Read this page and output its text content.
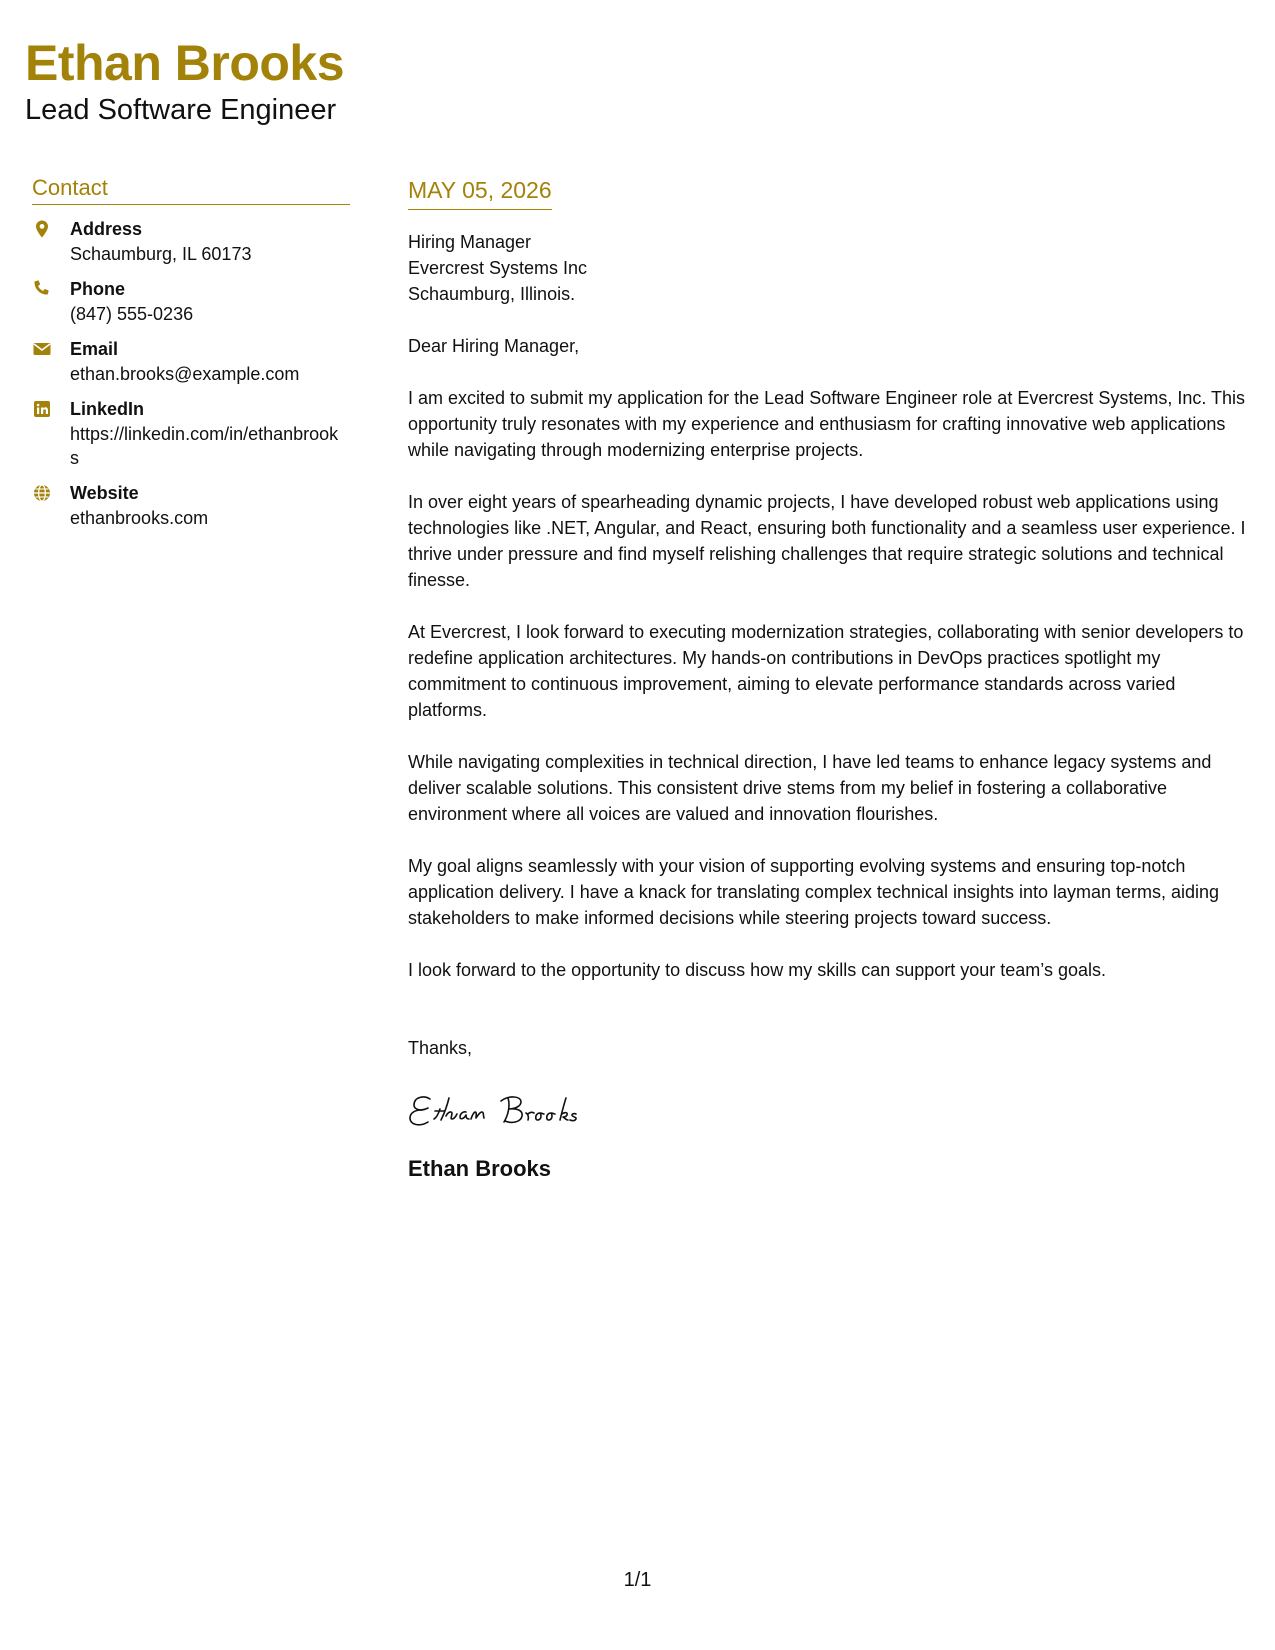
Ethan Brooks
Lead Software Engineer
Contact
Address
Schaumburg, IL 60173
Phone
(847) 555-0236
Email
ethan.brooks@example.com
LinkedIn
https://linkedin.com/in/ethanbrooks
Website
ethanbrooks.com
MAY 05, 2026
Hiring Manager
Evercrest Systems Inc
Schaumburg, Illinois.
Dear Hiring Manager,
I am excited to submit my application for the Lead Software Engineer role at Evercrest Systems, Inc. This opportunity truly resonates with my experience and enthusiasm for crafting innovative web applications while navigating through modernizing enterprise projects.
In over eight years of spearheading dynamic projects, I have developed robust web applications using technologies like .NET, Angular, and React, ensuring both functionality and a seamless user experience. I thrive under pressure and find myself relishing challenges that require strategic solutions and technical finesse.
At Evercrest, I look forward to executing modernization strategies, collaborating with senior developers to redefine application architectures. My hands-on contributions in DevOps practices spotlight my commitment to continuous improvement, aiming to elevate performance standards across varied platforms.
While navigating complexities in technical direction, I have led teams to enhance legacy systems and deliver scalable solutions. This consistent drive stems from my belief in fostering a collaborative environment where all voices are valued and innovation flourishes.
My goal aligns seamlessly with your vision of supporting evolving systems and ensuring top-notch application delivery. I have a knack for translating complex technical insights into layman terms, aiding stakeholders to make informed decisions while steering projects toward success.
I look forward to the opportunity to discuss how my skills can support your team’s goals.
Thanks,
Ethan Brooks
1/1
